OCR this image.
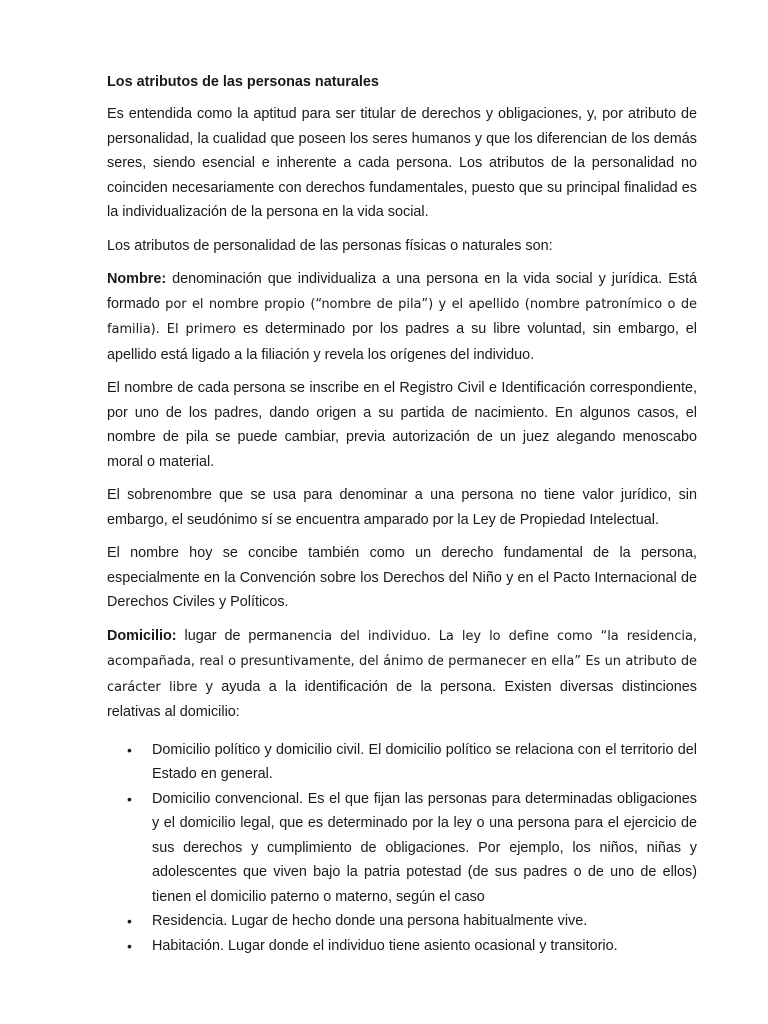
Los atributos de las personas naturales

Es entendida como la aptitud para ser titular de derechos y obligaciones, y, por atributo de personalidad, la cualidad que poseen los seres humanos y que los diferencian de los demás seres, siendo esencial e inherente a cada persona. Los atributos de la personalidad no coinciden necesariamente con derechos fundamentales, puesto que su principal finalidad es la individualización de la persona en la vida social.

Los atributos de personalidad de las personas físicas o naturales son:

Nombre: denominación que individualiza a una persona en la vida social y jurídica. Está formado por el nombre propio (“nombre de pila”) y el apellido (nombre patronímico o de familia). El primero es determinado por los padres a su libre voluntad, sin embargo, el apellido está ligado a la filiación y revela los orígenes del individuo.

El nombre de cada persona se inscribe en el Registro Civil e Identificación correspondiente, por uno de los padres, dando origen a su partida de nacimiento. En algunos casos, el nombre de pila se puede cambiar, previa autorización de un juez alegando menoscabo moral o material.

El sobrenombre que se usa para denominar a una persona no tiene valor jurídico, sin embargo, el seudónimo sí se encuentra amparado por la Ley de Propiedad Intelectual.

El nombre hoy se concibe también como un derecho fundamental de la persona, especialmente en la Convención sobre los Derechos del Niño y en el Pacto Internacional de Derechos Civiles y Políticos.

Domicilio: lugar de permanencia del individuo. La ley lo define como “la residencia, acompañada, real o presuntivamente, del ánimo de permanecer en ella” Es un atributo de carácter libre y ayuda a la identificación de la persona. Existen diversas distinciones relativas al domicilio:

• Domicilio político y domicilio civil. El domicilio político se relaciona con el territorio del Estado en general.
• Domicilio convencional. Es el que fijan las personas para determinadas obligaciones y el domicilio legal, que es determinado por la ley o una persona para el ejercicio de sus derechos y cumplimiento de obligaciones. Por ejemplo, los niños, niñas y adolescentes que viven bajo la patria potestad (de sus padres o de uno de ellos) tienen el domicilio paterno o materno, según el caso
• Residencia. Lugar de hecho donde una persona habitualmente vive.
• Habitación. Lugar donde el individuo tiene asiento ocasional y transitorio.
